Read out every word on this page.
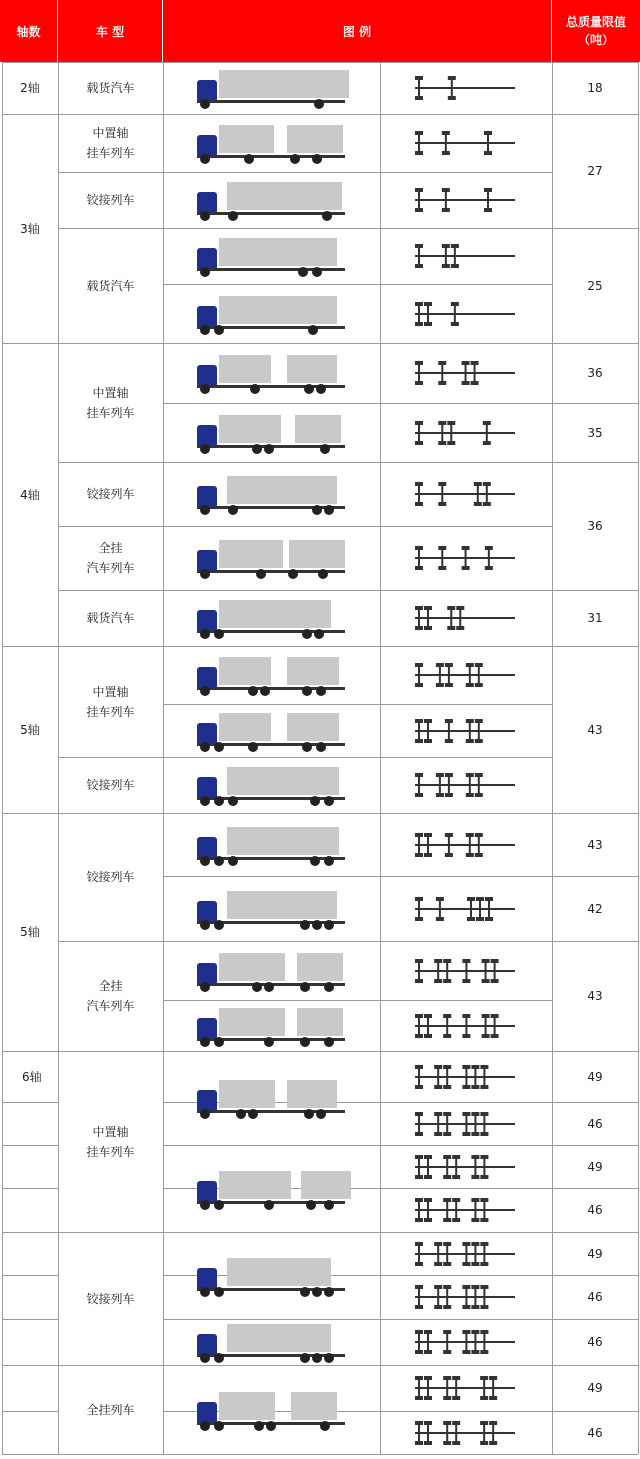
轴数	车 型	图 例
总质量限值
（吨）
2轴
3轴
4轴
5轴
5轴
6轴
载货汽车
中置轴
挂车列车
铰接列车
载货汽车
中置轴
挂车列车
铰接列车
全挂
汽车列车
载货汽车
中置轴
挂车列车
铰接列车
铰接列车
全挂
汽车列车
中置轴
挂车列车
铰接列车
全挂列车
18
27
25
36
35
36
31
43
43
42
43
49
46
49
46
49
46
46
49
46
